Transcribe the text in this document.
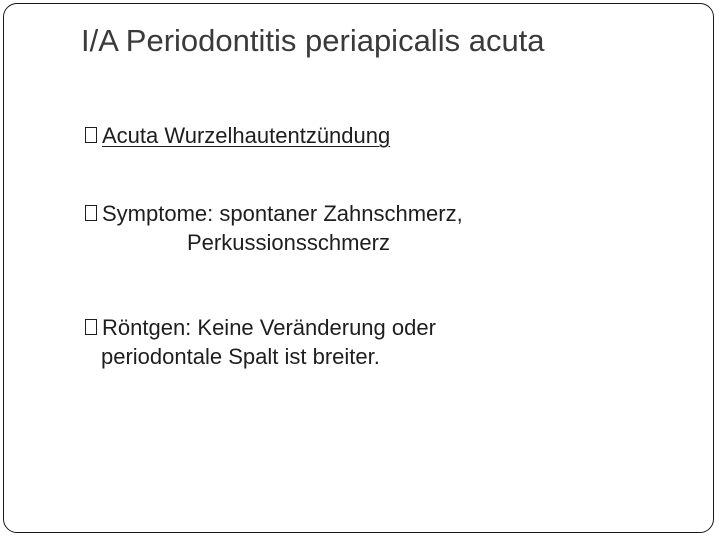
I/A Periodontitis periapicalis acuta
Acuta Wurzelhautentzündung
Symptome: spontaner Zahnschmerz,
Perkussionsschmerz
Röntgen: Keine Veränderung oder
periodontale Spalt ist breiter.
